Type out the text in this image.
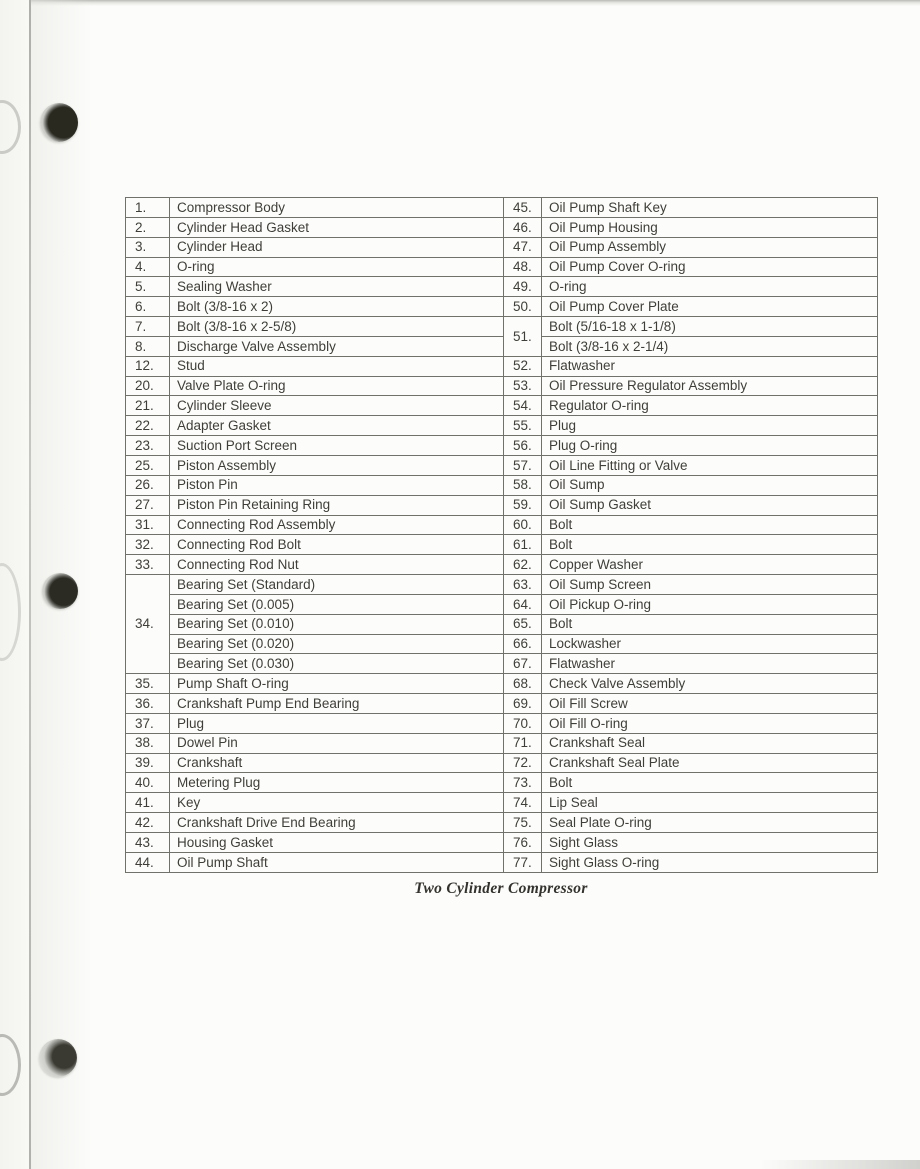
1.	Compressor Body	45.	Oil Pump Shaft Key
2.	Cylinder Head Gasket	46.	Oil Pump Housing
3.	Cylinder Head	47.	Oil Pump Assembly
4.	O-ring	48.	Oil Pump Cover O-ring
5.	Sealing Washer	49.	O-ring
6.	Bolt (3/8-16 x 2)	50.	Oil Pump Cover Plate
7.	Bolt (3/8-16 x 2-5/8)	51.	Bolt (5/16-18 x 1-1/8)
8.	Discharge Valve Assembly		Bolt (3/8-16 x 2-1/4)
12.	Stud	52.	Flatwasher
20.	Valve Plate O-ring	53.	Oil Pressure Regulator Assembly
21.	Cylinder Sleeve	54.	Regulator O-ring
22.	Adapter Gasket	55.	Plug
23.	Suction Port Screen	56.	Plug O-ring
25.	Piston Assembly	57.	Oil Line Fitting or Valve
26.	Piston Pin	58.	Oil Sump
27.	Piston Pin Retaining Ring	59.	Oil Sump Gasket
31.	Connecting Rod Assembly	60.	Bolt
32.	Connecting Rod Bolt	61.	Bolt
33.	Connecting Rod Nut	62.	Copper Washer
34.	Bearing Set (Standard)	63.	Oil Sump Screen
	Bearing Set (0.005)	64.	Oil Pickup O-ring
	Bearing Set (0.010)	65.	Bolt
	Bearing Set (0.020)	66.	Lockwasher
	Bearing Set (0.030)	67.	Flatwasher
35.	Pump Shaft O-ring	68.	Check Valve Assembly
36.	Crankshaft Pump End Bearing	69.	Oil Fill Screw
37.	Plug	70.	Oil Fill O-ring
38.	Dowel Pin	71.	Crankshaft Seal
39.	Crankshaft	72.	Crankshaft Seal Plate
40.	Metering Plug	73.	Bolt
41.	Key	74.	Lip Seal
42.	Crankshaft Drive End Bearing	75.	Seal Plate O-ring
43.	Housing Gasket	76.	Sight Glass
44.	Oil Pump Shaft	77.	Sight Glass O-ring
Two Cylinder Compressor
